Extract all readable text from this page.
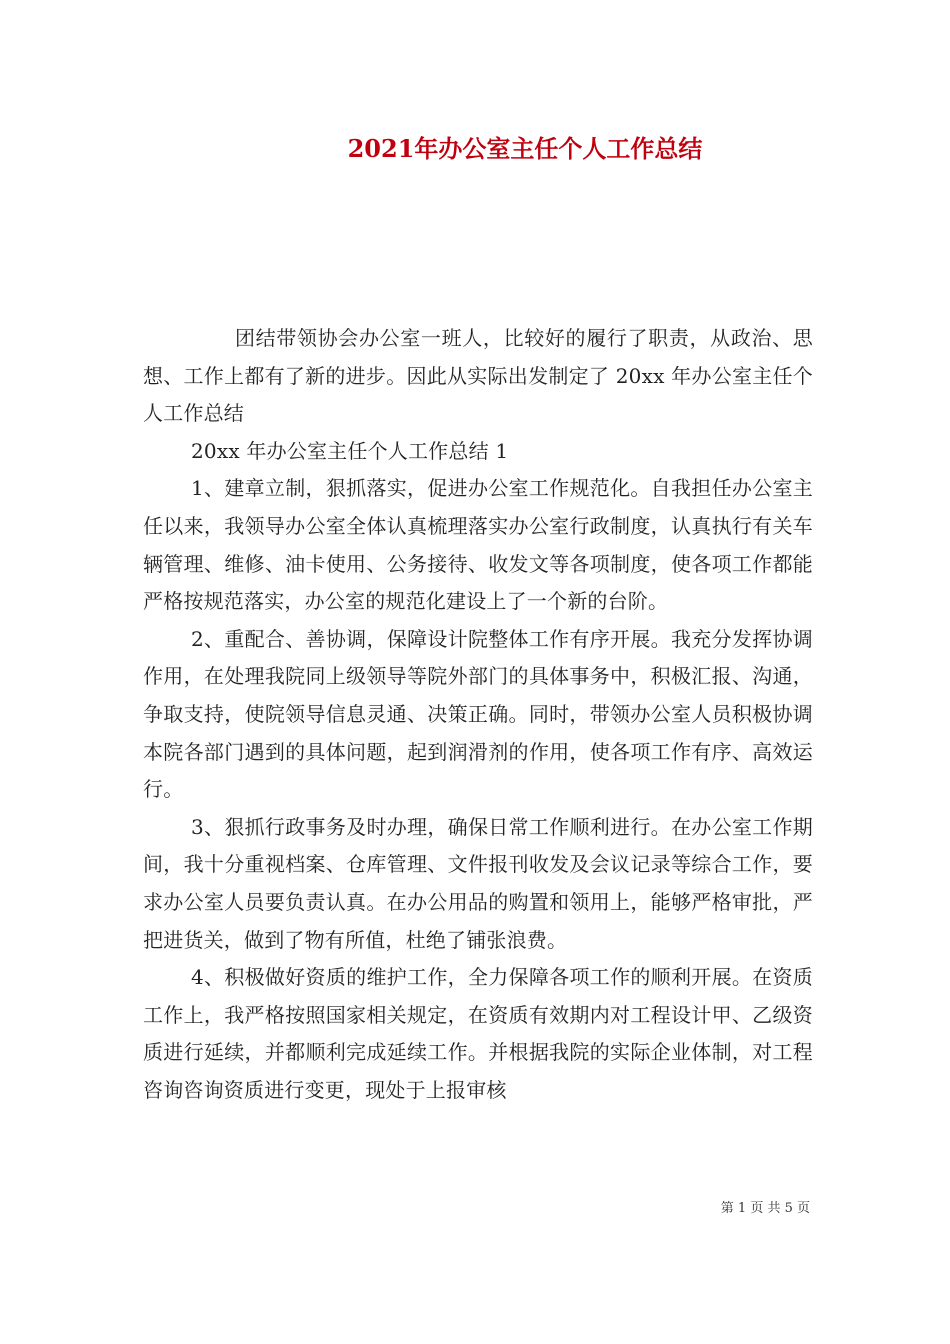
2021年办公室主任个人工作总结

团结带领协会办公室一班人，比较好的履行了职责，从政治、思想、工作上都有了新的进步。因此从实际出发制定了 20xx 年办公室主任个人工作总结

20xx 年办公室主任个人工作总结 1

1、建章立制，狠抓落实，促进办公室工作规范化。自我担任办公室主任以来，我领导办公室全体认真梳理落实办公室行政制度，认真执行有关车辆管理、维修、油卡使用、公务接待、收发文等各项制度，使各项工作都能严格按规范落实，办公室的规范化建设上了一个新的台阶。

2、重配合、善协调，保障设计院整体工作有序开展。我充分发挥协调作用，在处理我院同上级领导等院外部门的具体事务中，积极汇报、沟通，争取支持，使院领导信息灵通、决策正确。同时，带领办公室人员积极协调本院各部门遇到的具体问题，起到润滑剂的作用，使各项工作有序、高效运行。

3、狠抓行政事务及时办理，确保日常工作顺利进行。在办公室工作期间，我十分重视档案、仓库管理、文件报刊收发及会议记录等综合工作，要求办公室人员要负责认真。在办公用品的购置和领用上，能够严格审批，严把进货关，做到了物有所值，杜绝了铺张浪费。

4、积极做好资质的维护工作，全力保障各项工作的顺利开展。在资质工作上，我严格按照国家相关规定，在资质有效期内对工程设计甲、乙级资质进行延续，并都顺利完成延续工作。并根据我院的实际企业体制，对工程咨询咨询资质进行变更，现处于上报审核

第 1 页 共 5 页
